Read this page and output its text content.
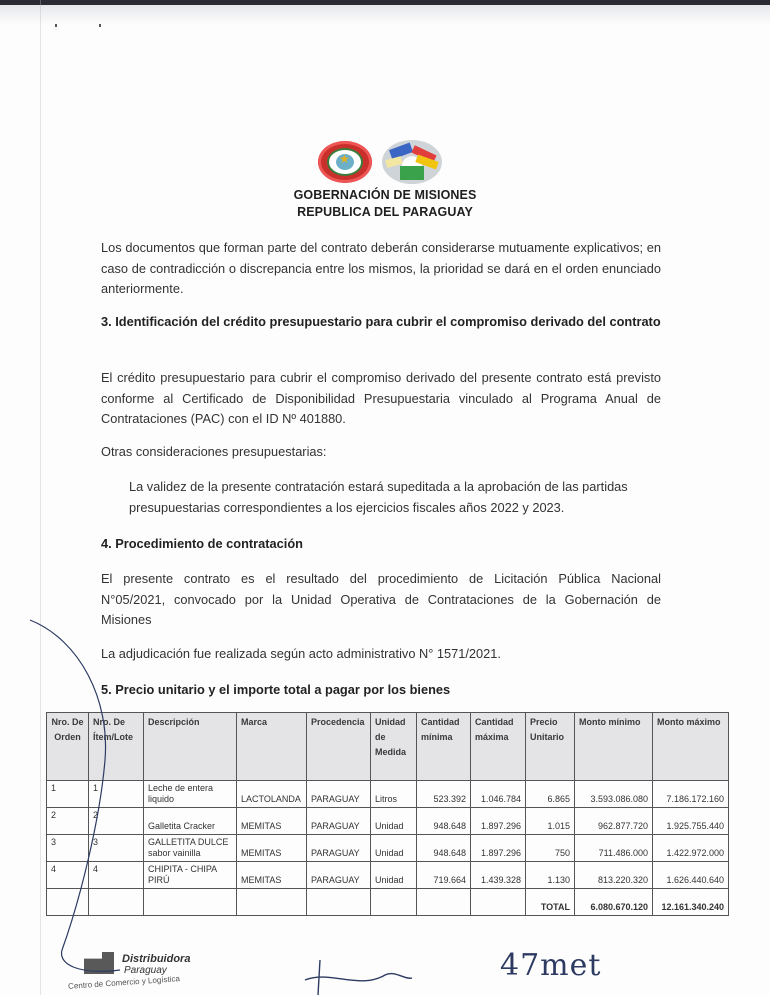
★
GOBERNACIÓN DE MISIONES
REPUBLICA DEL PARAGUAY
Los documentos que forman parte del contrato deberán considerarse mutuamente explicativos; en caso de contradicción o discrepancia entre los mismos, la prioridad se dará en el orden enunciado anteriormente.
3. Identificación del crédito presupuestario para cubrir el compromiso derivado del contrato
El crédito presupuestario para cubrir el compromiso derivado del presente contrato está previsto conforme al Certificado de Disponibilidad Presupuestaria vinculado al Programa Anual de Contrataciones (PAC) con el ID Nº 401880.
Otras consideraciones presupuestarias:
La validez de la presente contratación estará supeditada a la aprobación de las partidas presupuestarias correspondientes a los ejercicios fiscales años 2022 y 2023.
4. Procedimiento de contratación
El presente contrato es el resultado del procedimiento de Licitación Pública Nacional N°05/2021, convocado por la Unidad Operativa de Contrataciones de la Gobernación de Misiones
La adjudicación fue realizada según acto administrativo N° 1571/2021.
5. Precio unitario y el importe total a pagar por los bienes
Nro. De Orden	Nro. De Ítem/Lote	Descripción	Marca	Procedencia	Unidad de Medida	Cantidad mínima	Cantidad máxima	Precio Unitario	Monto mínimo	Monto máximo
1	1	Leche de entera liquido	LACTOLANDA	PARAGUAY	Litros	523.392	1.046.784	6.865	3.593.086.080	7.186.172.160
2	2	Galletita Cracker	MEMITAS	PARAGUAY	Unidad	948.648	1.897.296	1.015	962.877.720	1.925.755.440
3	3	GALLETITA DULCE sabor vainilla	MEMITAS	PARAGUAY	Unidad	948.648	1.897.296	750	711.486.000	1.422.972.000
4	4	CHIPITA - CHIPA PIRÚ	MEMITAS	PARAGUAY	Unidad	719.664	1.439.328	1.130	813.220.320	1.626.440.640
								TOTAL	6.080.670.120	12.161.340.240
Distribuidora
Paraguay
Centro de Comercio y Logística	47met
